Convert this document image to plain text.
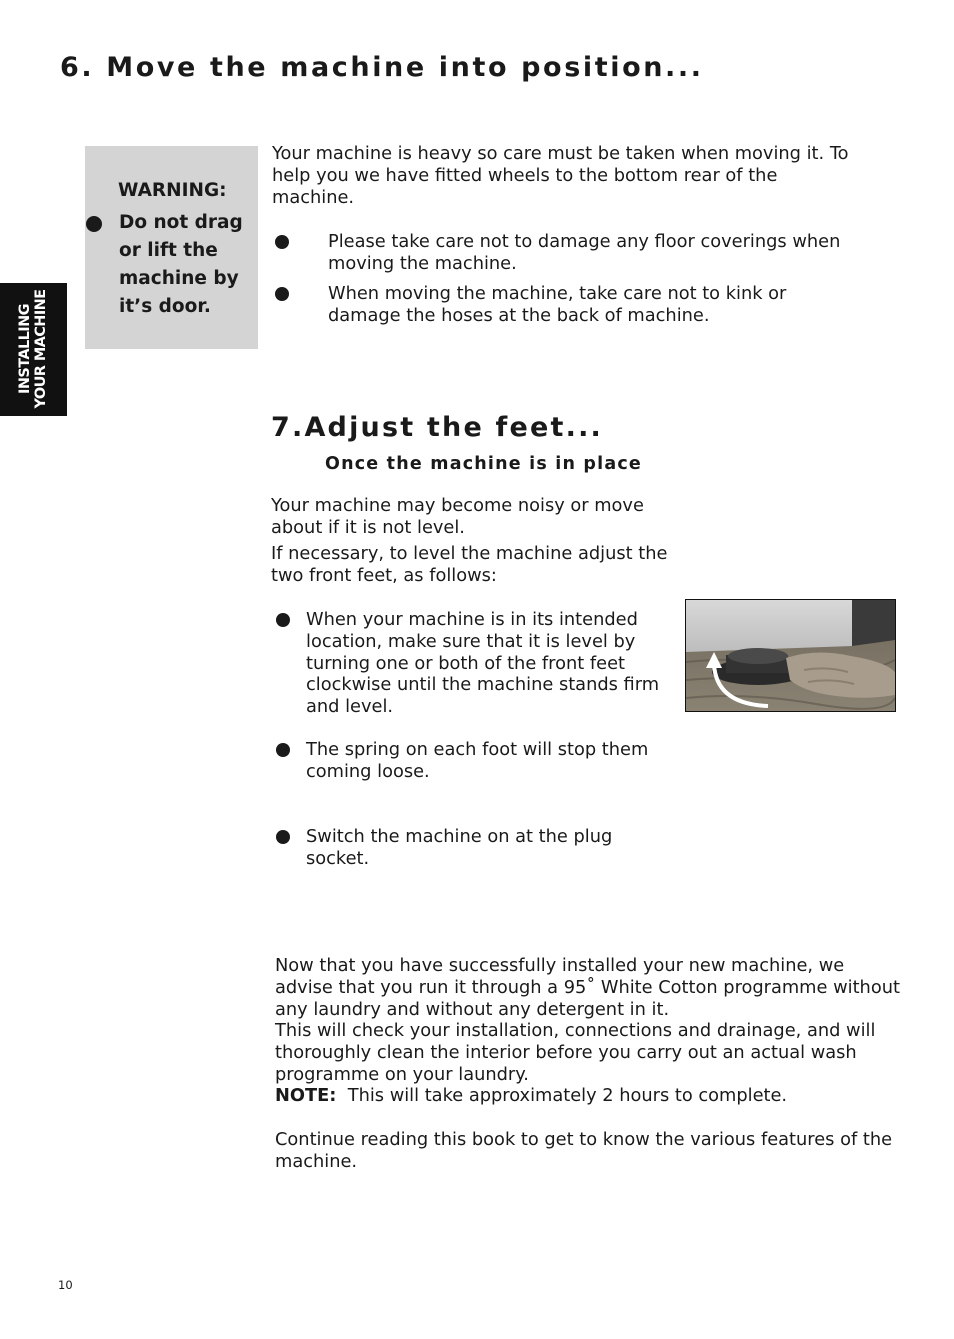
6. Move the machine into position...
WARNING:
Do not drag or lift the machine by it’s door.

Your machine is heavy so care must be taken when moving it. To help you we have fitted wheels to the bottom rear of the machine.

Please take care not to damage any floor coverings when moving the machine.

When moving the machine, take care not to kink or damage the hoses at the back of machine.

INSTALLING YOUR MACHINE
7.Adjust the feet...
Once the machine is in place

Your machine may become noisy or move about if it is not level.

If necessary, to level the machine adjust the two front feet, as follows:

When your machine is in its intended location, make sure that it is level by turning one or both of the front feet clockwise until the machine stands firm and level.

The spring on each foot will stop them coming loose.

Switch the machine on at the plug socket.

Now that you have successfully installed your new machine, we advise that you run it through a 95˚ White Cotton programme without any laundry and without any detergent in it.

This will check your installation, connections and drainage, and will thoroughly clean the interior before you carry out an actual wash programme on your laundry.

NOTE: This will take approximately 2 hours to complete.

Continue reading this book to get to know the various features of the machine.

10
